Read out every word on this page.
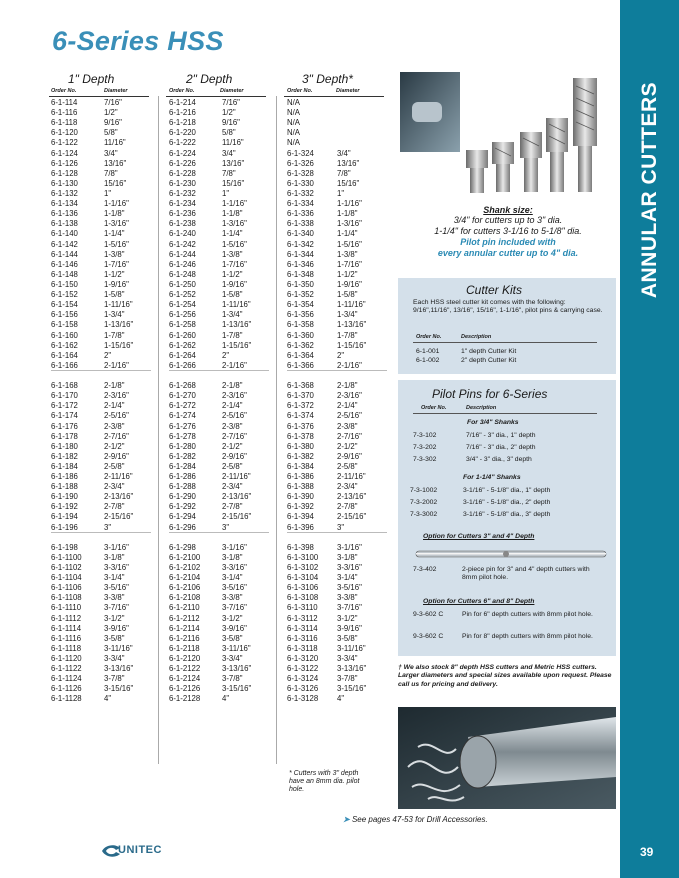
6-Series HSS
ANNULAR CUTTERS
39
1" Depth	2" Depth	3" Depth*
Order No.	Diameter	Order No.	Diameter	Order No.	Diameter
6-1-114	7/16"
6-1-116	1/2"
6-1-118	9/16"
6-1-120	5/8"
6-1-122	11/16"
6-1-124	3/4"
6-1-126	13/16"
6-1-128	7/8"
6-1-130	15/16"
6-1-132	1"
6-1-134	1-1/16"
6-1-136	1-1/8"
6-1-138	1-3/16"
6-1-140	1-1/4"
6-1-142	1-5/16"
6-1-144	1-3/8"
6-1-146	1-7/16"
6-1-148	1-1/2"
6-1-150	1-9/16"
6-1-152	1-5/8"
6-1-154	1-11/16"
6-1-156	1-3/4"
6-1-158	1-13/16"
6-1-160	1-7/8"
6-1-162	1-15/16"
6-1-164	2"
6-1-166	2-1/16"
6-1-168	2-1/8"
6-1-170	2-3/16"
6-1-172	2-1/4"
6-1-174	2-5/16"
6-1-176	2-3/8"
6-1-178	2-7/16"
6-1-180	2-1/2"
6-1-182	2-9/16"
6-1-184	2-5/8"
6-1-186	2-11/16"
6-1-188	2-3/4"
6-1-190	2-13/16"
6-1-192	2-7/8"
6-1-194	2-15/16"
6-1-196	3"
6-1-198	3-1/16"
6-1-1100	3-1/8"
6-1-1102	3-3/16"
6-1-1104	3-1/4"
6-1-1106	3-5/16"
6-1-1108	3-3/8"
6-1-1110	3-7/16"
6-1-1112	3-1/2"
6-1-1114	3-9/16"
6-1-1116	3-5/8"
6-1-1118	3-11/16"
6-1-1120	3-3/4"
6-1-1122	3-13/16"
6-1-1124	3-7/8"
6-1-1126	3-15/16"
6-1-1128	4"
6-1-214	7/16"
6-1-216	1/2"
6-1-218	9/16"
6-1-220	5/8"
6-1-222	11/16"
6-1-224	3/4"
6-1-226	13/16"
6-1-228	7/8"
6-1-230	15/16"
6-1-232	1"
6-1-234	1-1/16"
6-1-236	1-1/8"
6-1-238	1-3/16"
6-1-240	1-1/4"
6-1-242	1-5/16"
6-1-244	1-3/8"
6-1-246	1-7/16"
6-1-248	1-1/2"
6-1-250	1-9/16"
6-1-252	1-5/8"
6-1-254	1-11/16"
6-1-256	1-3/4"
6-1-258	1-13/16"
6-1-260	1-7/8"
6-1-262	1-15/16"
6-1-264	2"
6-1-266	2-1/16"
6-1-268	2-1/8"
6-1-270	2-3/16"
6-1-272	2-1/4"
6-1-274	2-5/16"
6-1-276	2-3/8"
6-1-278	2-7/16"
6-1-280	2-1/2"
6-1-282	2-9/16"
6-1-284	2-5/8"
6-1-286	2-11/16"
6-1-288	2-3/4"
6-1-290	2-13/16"
6-1-292	2-7/8"
6-1-294	2-15/16"
6-1-296	3"
6-1-298	3-1/16"
6-1-2100	3-1/8"
6-1-2102	3-3/16"
6-1-2104	3-1/4"
6-1-2106	3-5/16"
6-1-2108	3-3/8"
6-1-2110	3-7/16"
6-1-2112	3-1/2"
6-1-2114	3-9/16"
6-1-2116	3-5/8"
6-1-2118	3-11/16"
6-1-2120	3-3/4"
6-1-2122	3-13/16"
6-1-2124	3-7/8"
6-1-2126	3-15/16"
6-1-2128	4"
N/A
N/A
N/A
N/A
N/A
6-1-324	3/4"
6-1-326	13/16"
6-1-328	7/8"
6-1-330	15/16"
6-1-332	1"
6-1-334	1-1/16"
6-1-336	1-1/8"
6-1-338	1-3/16"
6-1-340	1-1/4"
6-1-342	1-5/16"
6-1-344	1-3/8"
6-1-346	1-7/16"
6-1-348	1-1/2"
6-1-350	1-9/16"
6-1-352	1-5/8"
6-1-354	1-11/16"
6-1-356	1-3/4"
6-1-358	1-13/16"
6-1-360	1-7/8"
6-1-362	1-15/16"
6-1-364	2"
6-1-366	2-1/16"
6-1-368	2-1/8"
6-1-370	2-3/16"
6-1-372	2-1/4"
6-1-374	2-5/16"
6-1-376	2-3/8"
6-1-378	2-7/16"
6-1-380	2-1/2"
6-1-382	2-9/16"
6-1-384	2-5/8"
6-1-386	2-11/16"
6-1-388	2-3/4"
6-1-390	2-13/16"
6-1-392	2-7/8"
6-1-394	2-15/16"
6-1-396	3"
6-1-398	3-1/16"
6-1-3100 3-1/8"
6-1-3102 3-3/16"
6-1-3104 3-1/4"
6-1-3106 3-5/16"
6-1-3108 3-3/8"
6-1-3110 3-7/16"
6-1-3112 3-1/2"
6-1-3114 3-9/16"
6-1-3116 3-5/8"
6-1-3118 3-11/16"
6-1-3120 3-3/4"
6-1-3122 3-13/16"
6-1-3124 3-7/8"
6-1-3126 3-15/16"
6-1-3128 4"
* Cutters with 3" depth have an 8mm dia. pilot hole.
Shank size:
3/4" for cutters up to 3" dia.
1-1/4" for cutters 3-1/16 to 5-1/8" dia.
Pilot pin included with
every annular cutter up to 4" dia.
Cutter Kits
Each HSS steel cutter kit comes with the following: 9/16",11/16", 13/16", 15/16", 1-1/16", pilot pins & carrying case.
Order No.	Description
6-1-001	1" depth Cutter Kit
6-1-002	2" depth Cutter Kit
Pilot Pins for 6-Series
Order No.	Description
For 3/4" Shanks
7-3-102	7/16" - 3" dia., 1" depth
7-3-202	7/16" - 3" dia., 2" depth
7-3-302	3/4" - 3" dia., 3" depth
For 1-1/4" Shanks
7-3-1002	3-1/16" - 5-1/8" dia., 1" depth
7-3-2002	3-1/16" - 5-1/8" dia., 2" depth
7-3-3002	3-1/16" - 5-1/8" dia., 3" depth
Option for Cutters 3" and 4" Depth
7-3-402	2-piece pin for 3" and 4" depth cutters with 8mm pilot hole.
Option for Cutters 6" and 8" Depth
9-3-602 C	Pin for 6" depth cutters with 8mm pilot hole.
9-3-602 C	Pin for 8" depth cutters with 8mm pilot hole.
† We also stock 8" depth HSS cutters and Metric HSS cutters. Larger diameters and special sizes available upon request. Please call us for pricing and delivery.
➤ See pages 47-53 for Drill Accessories.
UNITEC
